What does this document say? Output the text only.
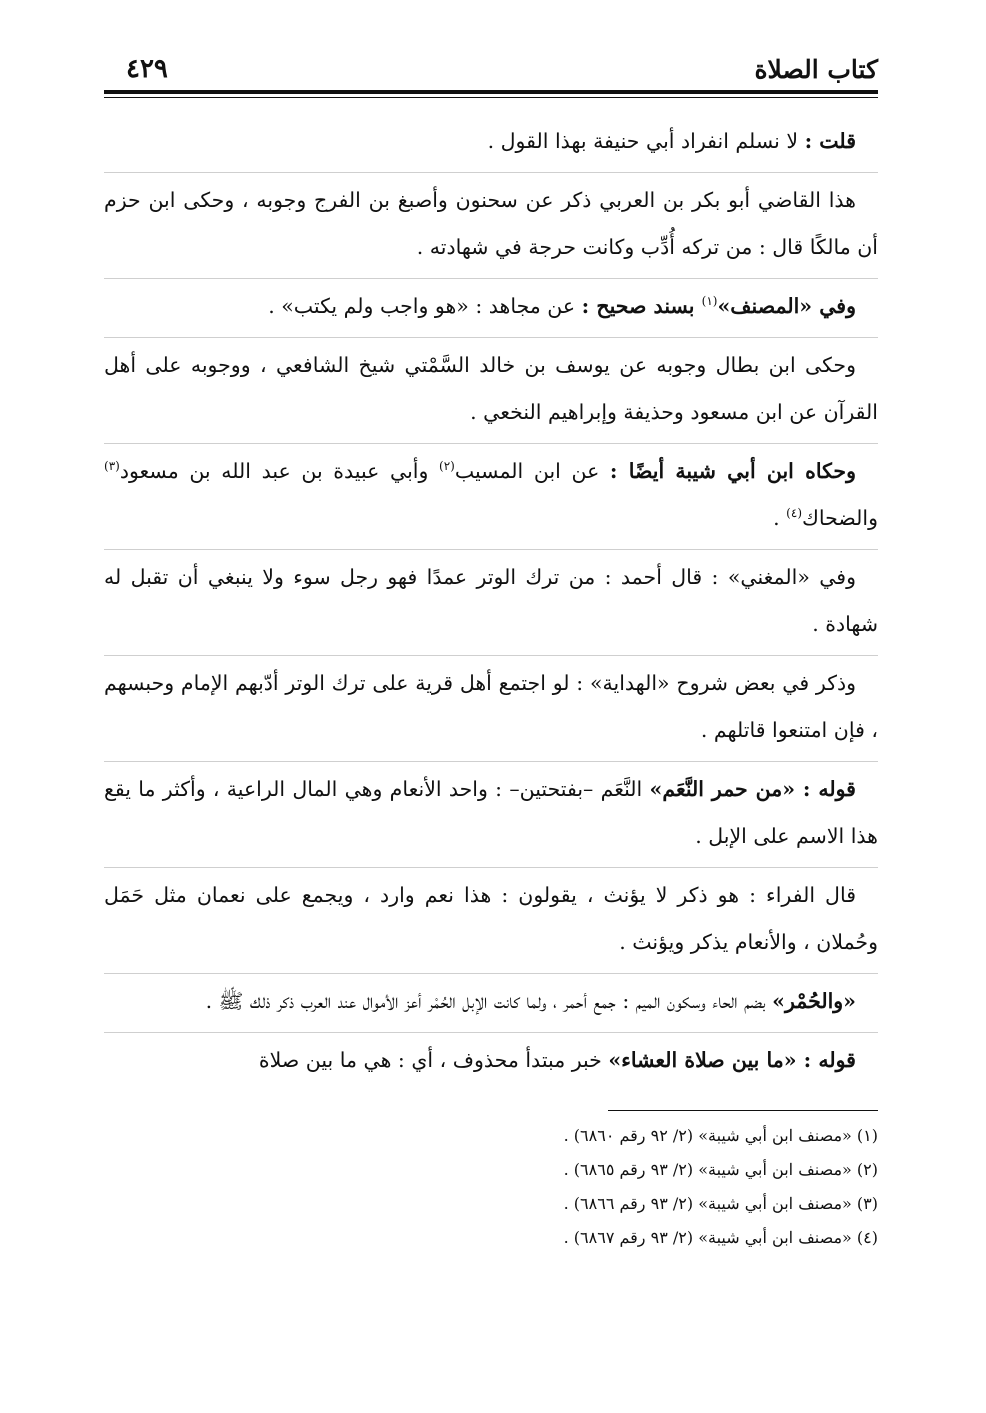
٤٢٩	كتاب الصلاة

قلت : لا نسلم انفراد أبي حنيفة بهذا القول .

هذا القاضي أبو بكر بن العربي ذكر عن سحنون وأصبغ بن الفرج وجوبه ، وحكى ابن حزم أن مالكًا قال : من تركه أُدِّب وكانت حرجة في شهادته .

وفي «المصنف»$^{(١)}$ بسند صحيح : عن مجاهد : «هو واجب ولم يكتب» .

وحكى ابن بطال وجوبه عن يوسف بن خالد السَّمْتي شيخ الشافعي ، ووجوبه على أهل القرآن عن ابن مسعود وحذيفة وإبراهيم النخعي .

وحكاه ابن أبي شيبة أيضًا : عن ابن المسيب$^{(٢)}$ وأبي عبيدة بن عبد الله بن مسعود$^{(٣)}$ والضحاك$^{(٤)}$ .

وفي «المغني» : قال أحمد : من ترك الوتر عمدًا فهو رجل سوء ولا ينبغي أن تقبل له شهادة .

وذكر في بعض شروح «الهداية» : لو اجتمع أهل قرية على ترك الوتر أدّبهم الإمام وحبسهم ، فإن امتنعوا قاتلهم .

قوله : «من حمر النَّعَم» النَّعَم –بفتحتين– : واحد الأنعام وهي المال الراعية ، وأكثر ما يقع هذا الاسم على الإبل .

قال الفراء : هو ذكر لا يؤنث ، يقولون : هذا نعم وارد ، ويجمع على نعمان مثل حَمَل وحُملان ، والأنعام يذكر ويؤنث .

«والحُمْر» بضم الحاء وسكون الميم : جمع أحمر ، ولما كانت الإبل الحُمْر أعز الأموال عند العرب ذكر ذلك ﷺ .

قوله : «ما بين صلاة العشاء» خبر مبتدأ محذوف ، أي : هي ما بين صلاة

(١) «مصنف ابن أبي شيبة» (٢/ ٩٢ رقم ٦٨٦٠) .

(٢) «مصنف ابن أبي شيبة» (٢/ ٩٣ رقم ٦٨٦٥) .

(٣) «مصنف ابن أبي شيبة» (٢/ ٩٣ رقم ٦٨٦٦) .

(٤) «مصنف ابن أبي شيبة» (٢/ ٩٣ رقم ٦٨٦٧) .
